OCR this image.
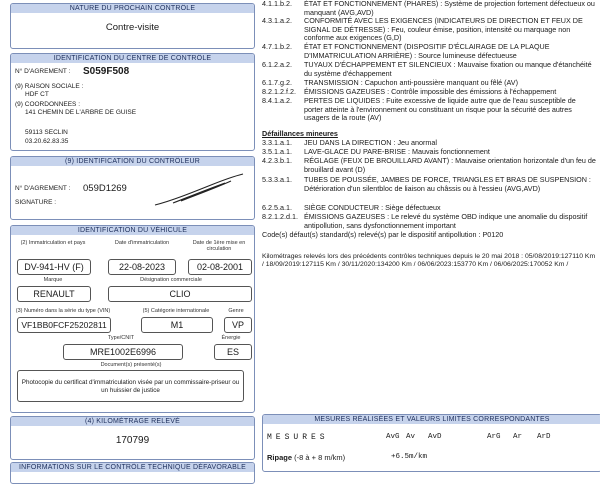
NATURE DU PROCHAIN CONTRÔLE
Contre-visite
IDENTIFICATION DU CENTRE DE CONTRÔLE
N° D'AGREMENT : S059F508
(9) RAISON SOCIALE :
HDF CT
(9) COORDONNEES :
141 CHEMIN DE L'ARBRE DE GUISE
59113 SECLIN
03.20.62.83.35
(9) IDENTIFICATION DU CONTRÔLEUR
N° D'AGREMENT : 059D1269
SIGNATURE :
IDENTIFICATION DU VÉHICULE
(2) Immatriculation et pays	Date d'immatriculation	Date de 1ère mise en circulation
DV-941-HV (F)	22-08-2023	02-08-2001
Marque	Désignation commerciale
RENAULT	CLIO
(3) Numéro dans la série du type (VIN)	(5) Catégorie internationale	Genre
VF1BB0FCF25202811	M1	VP
Type/CNIT	Énergie
MRE1002E6996	ES
Document(s) présenté(s)
Photocopie du certificat d'immatriculation visée par un commissaire-priseur ou un huissier de justice
(4) KILOMÉTRAGE RELEVÉ
170799
INFORMATIONS SUR LE CONTRÔLE TECHNIQUE DÉFAVORABLE
4.1.1.b.2.	ÉTAT ET FONCTIONNEMENT (PHARES) : Système de projection fortement défectueux ou manquant (AVG,AVD)
4.3.1.a.2.	CONFORMITÉ AVEC LES EXIGENCES (INDICATEURS DE DIRECTION ET FEUX DE SIGNAL DE DÉTRESSE) : Feu, couleur émise, position, intensité ou marquage non conforme aux exigences (G,D)
4.7.1.b.2.	ÉTAT ET FONCTIONNEMENT (DISPOSITIF D'ÉCLAIRAGE DE LA PLAQUE D'IMMATRICULATION ARRIÈRE) : Source lumineuse défectueuse
6.1.2.a.2.	TUYAUX D'ÉCHAPPEMENT ET SILENCIEUX : Mauvaise fixation ou manque d'étanchéité du système d'échappement
6.1.7.g.2.	TRANSMISSION : Capuchon anti-poussière manquant ou fêlé (AV)
8.2.1.2.f.2.	ÉMISSIONS GAZEUSES : Contrôle impossible des émissions à l'échappement
8.4.1.a.2.	PERTES DE LIQUIDES : Fuite excessive de liquide autre que de l'eau susceptible de porter atteinte à l'environnement ou constituant un risque pour la sécurité des autres usagers de la route (AV)
Défaillances mineures
3.3.1.a.1.	JEU DANS LA DIRECTION : Jeu anormal
3.5.1.a.1.	LAVE-GLACE DU PARE-BRISE : Mauvais fonctionnement
4.2.3.b.1.	RÉGLAGE (FEUX DE BROUILLARD AVANT) : Mauvaise orientation horizontale d'un feu de brouillard avant (D)
5.3.3.a.1.	TUBES DE POUSSÉE, JAMBES DE FORCE, TRIANGLES ET BRAS DE SUSPENSION : Détérioration d'un silentbloc de liaison au châssis ou à l'essieu (AVG,AVD)
6.2.5.a.1.	SIÈGE CONDUCTEUR : Siège défectueux
8.2.1.2.d.1. ÉMISSIONS GAZEUSES : Le relevé du système OBD indique une anomalie du dispositif antipollution, sans dysfonctionnement important
Code(s) défaut(s) standard(s) relevé(s) par le dispositif antipollution : P0120
Kilométrages relevés lors des précédents contrôles techniques depuis le 20 mai 2018 : 05/08/2019:127110 Km / 18/09/2019:127115 Km / 30/11/2020:134200 Km / 06/06/2023:153770 Km / 06/06/2025:170052 Km /
MESURES RÉALISÉES ET VALEURS LIMITES CORRESPONDANTES
MESURES	AvG Av AvD	ArG Ar ArD
Ripage (-8 à + 8 m/km)	+6.5m/km
